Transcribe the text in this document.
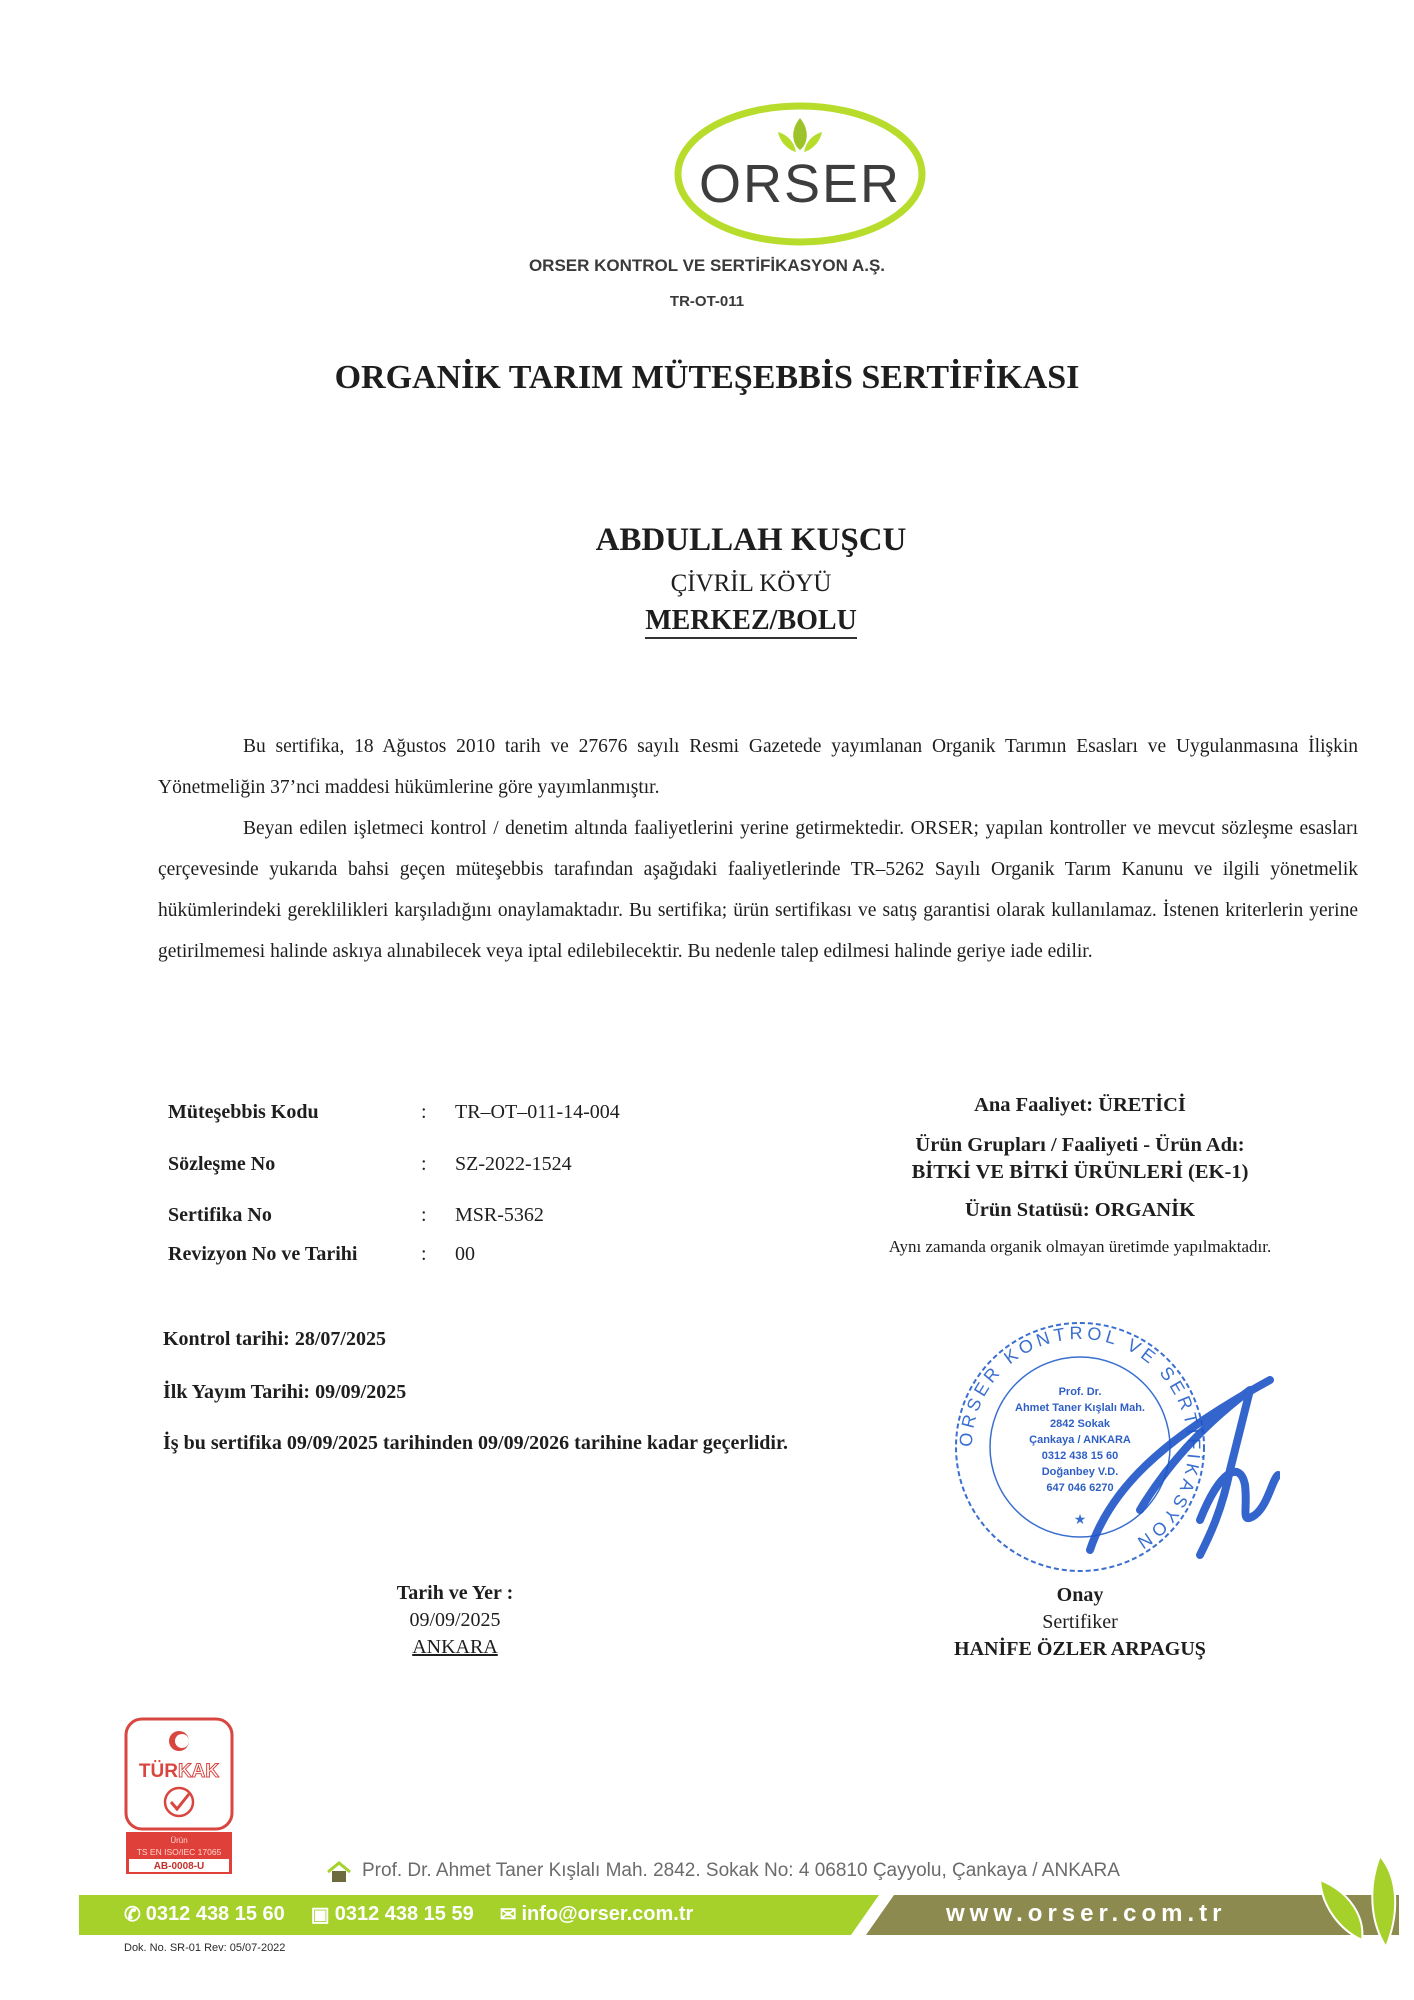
ORSER
ORSER KONTROL VE SERTİFİKASYON A.Ş.
TR-OT-011
ORGANİK TARIM MÜTEŞEBBİS SERTİFİKASI
ABDULLAH KUŞCU
ÇİVRİL KÖYÜ
MERKEZ/BOLU

Bu sertifika, 18 Ağustos 2010 tarih ve 27676 sayılı Resmi Gazetede yayımlanan Organik Tarımın Esasları ve Uygulanmasına İlişkin Yönetmeliğin 37’nci maddesi hükümlerine göre yayımlanmıştır.

Beyan edilen işletmeci kontrol / denetim altında faaliyetlerini yerine getirmektedir. ORSER; yapılan kontroller ve mevcut sözleşme esasları çerçevesinde yukarıda bahsi geçen müteşebbis tarafından aşağıdaki faaliyetlerinde TR–5262 Sayılı Organik Tarım Kanunu ve ilgili yönetmelik hükümlerindeki gereklilikleri karşıladığını onaylamaktadır. Bu sertifika; ürün sertifikası ve satış garantisi olarak kullanılamaz. İstenen kriterlerin yerine getirilmemesi halinde askıya alınabilecek veya iptal edilebilecektir. Bu nedenle talep edilmesi halinde geriye iade edilir.

Müteşebbis Kodu	: TR–OT–011-14-004
Sözleşme No	: SZ-2022-1524
Sertifika No	: MSR-5362
Revizyon No ve Tarihi	: 00
Ana Faaliyet: ÜRETİCİ
Ürün Grupları / Faaliyeti - Ürün Adı:
BİTKİ VE BİTKİ ÜRÜNLERİ (EK-1)
Ürün Statüsü: ORGANİK
Aynı zamanda organik olmayan üretimde yapılmaktadır.
Kontrol tarihi: 28/07/2025
İlk Yayım Tarihi: 09/09/2025
İş bu sertifika 09/09/2025 tarihinden 09/09/2026 tarihine kadar geçerlidir.
Tarih ve Yer :
09/09/2025
ANKARA
ORSER KONTROL VE SERTİFİKASYON
Prof. Dr.
Ahmet Taner Kışlalı Mah.
2842 Sokak
Çankaya / ANKARA
0312 438 15 60
Doğanbey V.D.
647 046 6270
★
Onay
Sertifiker
HANİFE ÖZLER ARPAGUŞ
TÜRKAK
Ürün
TS EN ISO/IEC 17065
AB-0008-U	Prof. Dr. Ahmet Taner Kışlalı Mah. 2842. Sokak No: 4 06810 Çayyolu, Çankaya / ANKARA
✆ 0312 438 15 60 ▣ 0312 438 15 59 ✉ info@orser.com.tr	www.orser.com.tr
Dok. No. SR-01 Rev: 05/07-2022
